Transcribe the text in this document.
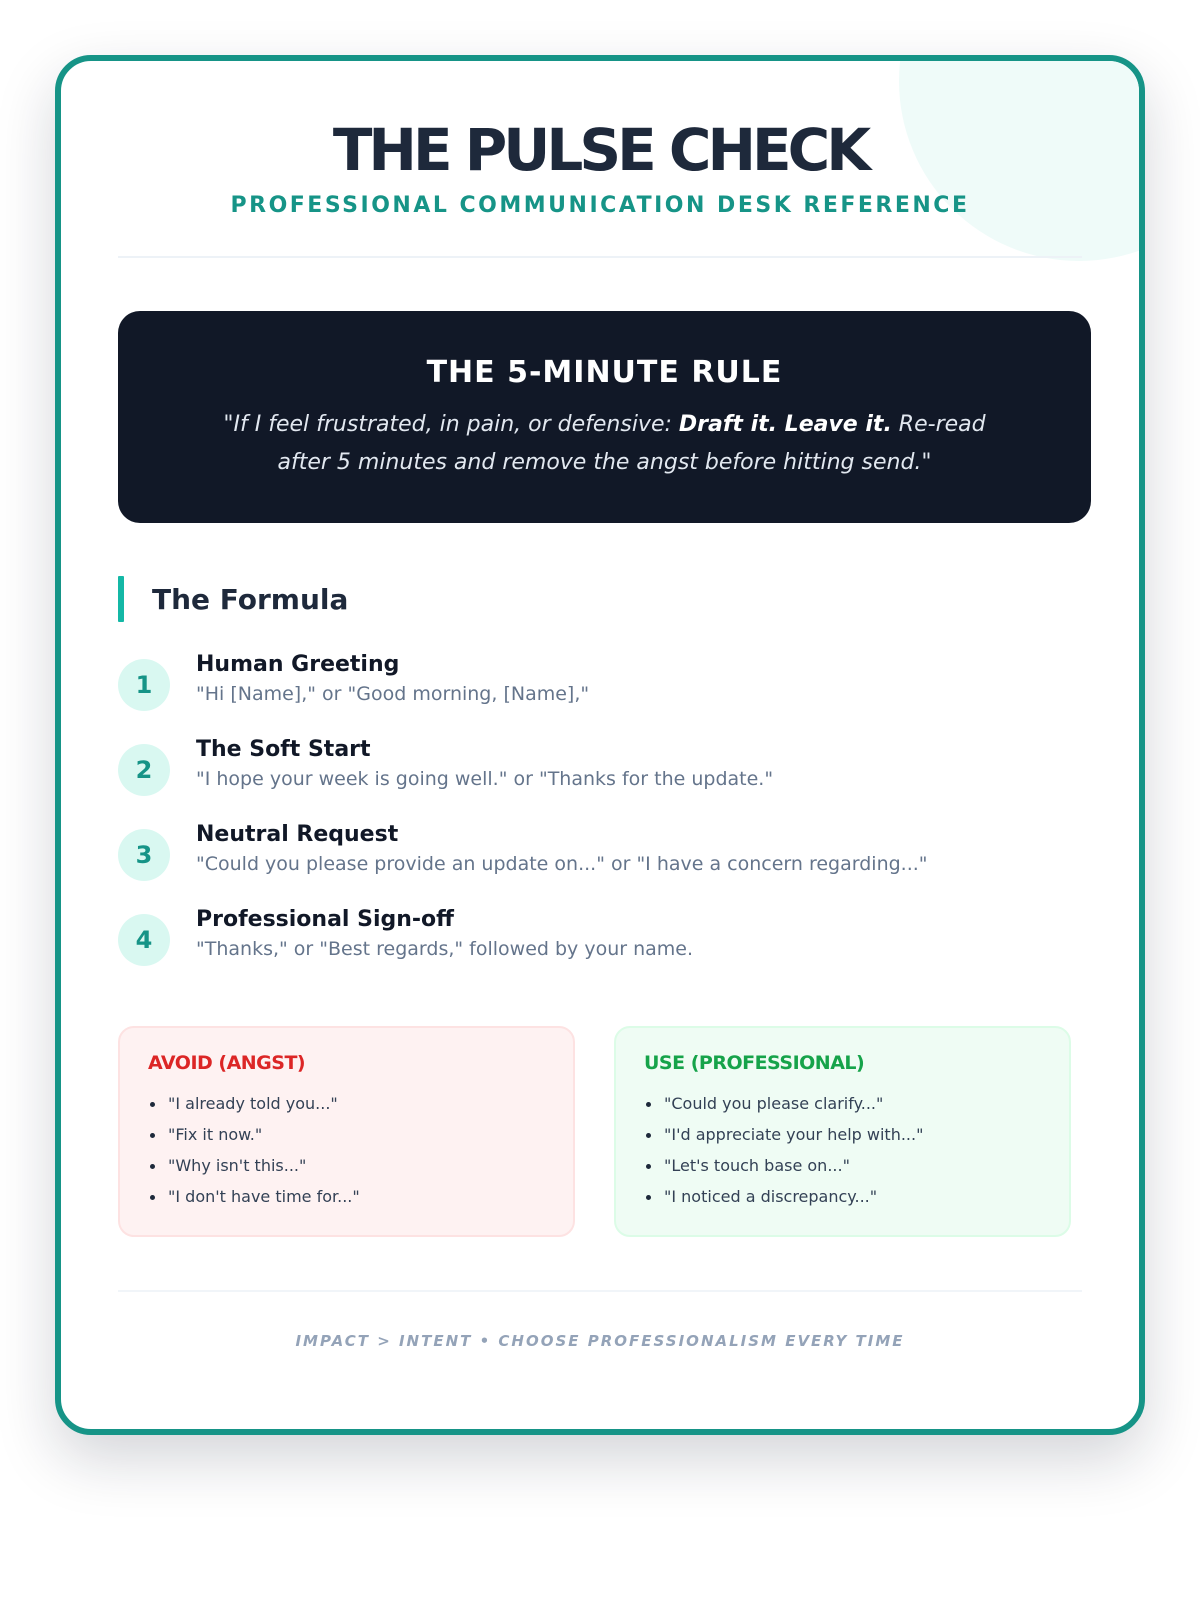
THE PULSE CHECK
PROFESSIONAL COMMUNICATION DESK REFERENCE
THE 5-MINUTE RULE
"If I feel frustrated, in pain, or defensive: Draft it. Leave it. Re-read after 5 minutes and remove the angst before hitting send."
The Formula
1
Human Greeting
"Hi [Name]," or "Good morning, [Name],"
2
The Soft Start
"I hope your week is going well." or "Thanks for the update."
3
Neutral Request
"Could you please provide an update on..." or "I have a concern regarding..."
4
Professional Sign-off
"Thanks," or "Best regards," followed by your name.
AVOID (ANGST)
"I already told you..."
"Fix it now."
"Why isn't this..."
"I don't have time for..."
USE (PROFESSIONAL)
"Could you please clarify..."
"I'd appreciate your help with..."
"Let's touch base on..."
"I noticed a discrepancy..."
IMPACT > INTENT • CHOOSE PROFESSIONALISM EVERY TIME
